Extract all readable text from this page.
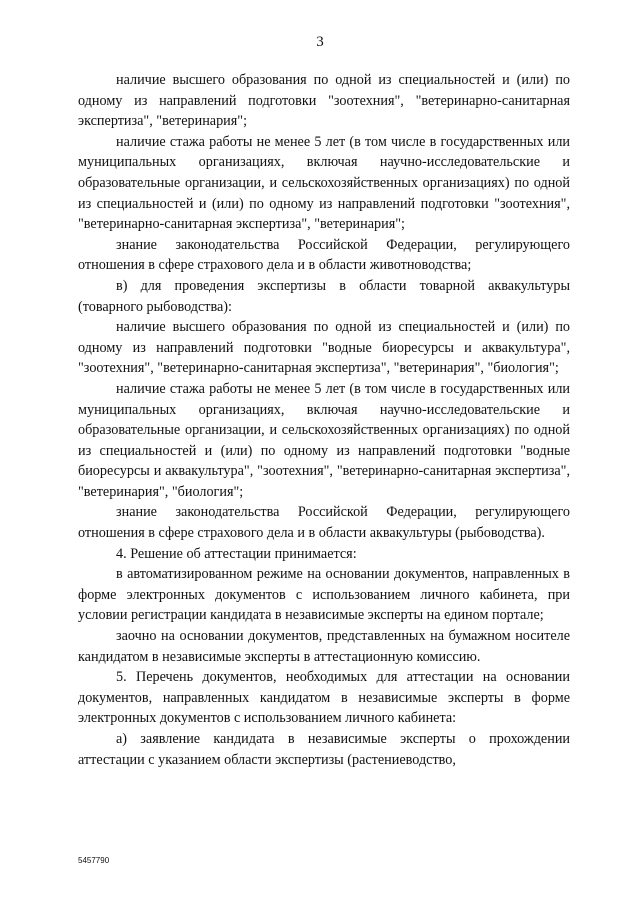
3

наличие высшего образования по одной из специальностей и (или) по одному из направлений подготовки "зоотехния", "ветеринарно-санитарная экспертиза", "ветеринария";

наличие стажа работы не менее 5 лет (в том числе в государственных или муниципальных организациях, включая научно-исследовательские и образовательные организации, и сельскохозяйственных организациях) по одной из специальностей и (или) по одному из направлений подготовки "зоотехния", "ветеринарно-санитарная экспертиза", "ветеринария";

знание законодательства Российской Федерации, регулирующего отношения в сфере страхового дела и в области животноводства;

в) для проведения экспертизы в области товарной аквакультуры (товарного рыбоводства):

наличие высшего образования по одной из специальностей и (или) по одному из направлений подготовки "водные биоресурсы и аквакультура", "зоотехния", "ветеринарно-санитарная экспертиза", "ветеринария", "биология";

наличие стажа работы не менее 5 лет (в том числе в государственных или муниципальных организациях, включая научно-исследовательские и образовательные организации, и сельскохозяйственных организациях) по одной из специальностей и (или) по одному из направлений подготовки "водные биоресурсы и аквакультура", "зоотехния", "ветеринарно-санитарная экспертиза", "ветеринария", "биология";

знание законодательства Российской Федерации, регулирующего отношения в сфере страхового дела и в области аквакультуры (рыбоводства).

4. Решение об аттестации принимается:

в автоматизированном режиме на основании документов, направленных в форме электронных документов с использованием личного кабинета, при условии регистрации кандидата в независимые эксперты на едином портале;

заочно на основании документов, представленных на бумажном носителе кандидатом в независимые эксперты в аттестационную комиссию.

5. Перечень документов, необходимых для аттестации на основании документов, направленных кандидатом в независимые эксперты в форме электронных документов с использованием личного кабинета:

а) заявление кандидата в независимые эксперты о прохождении аттестации с указанием области экспертизы (растениеводство,

5457790
